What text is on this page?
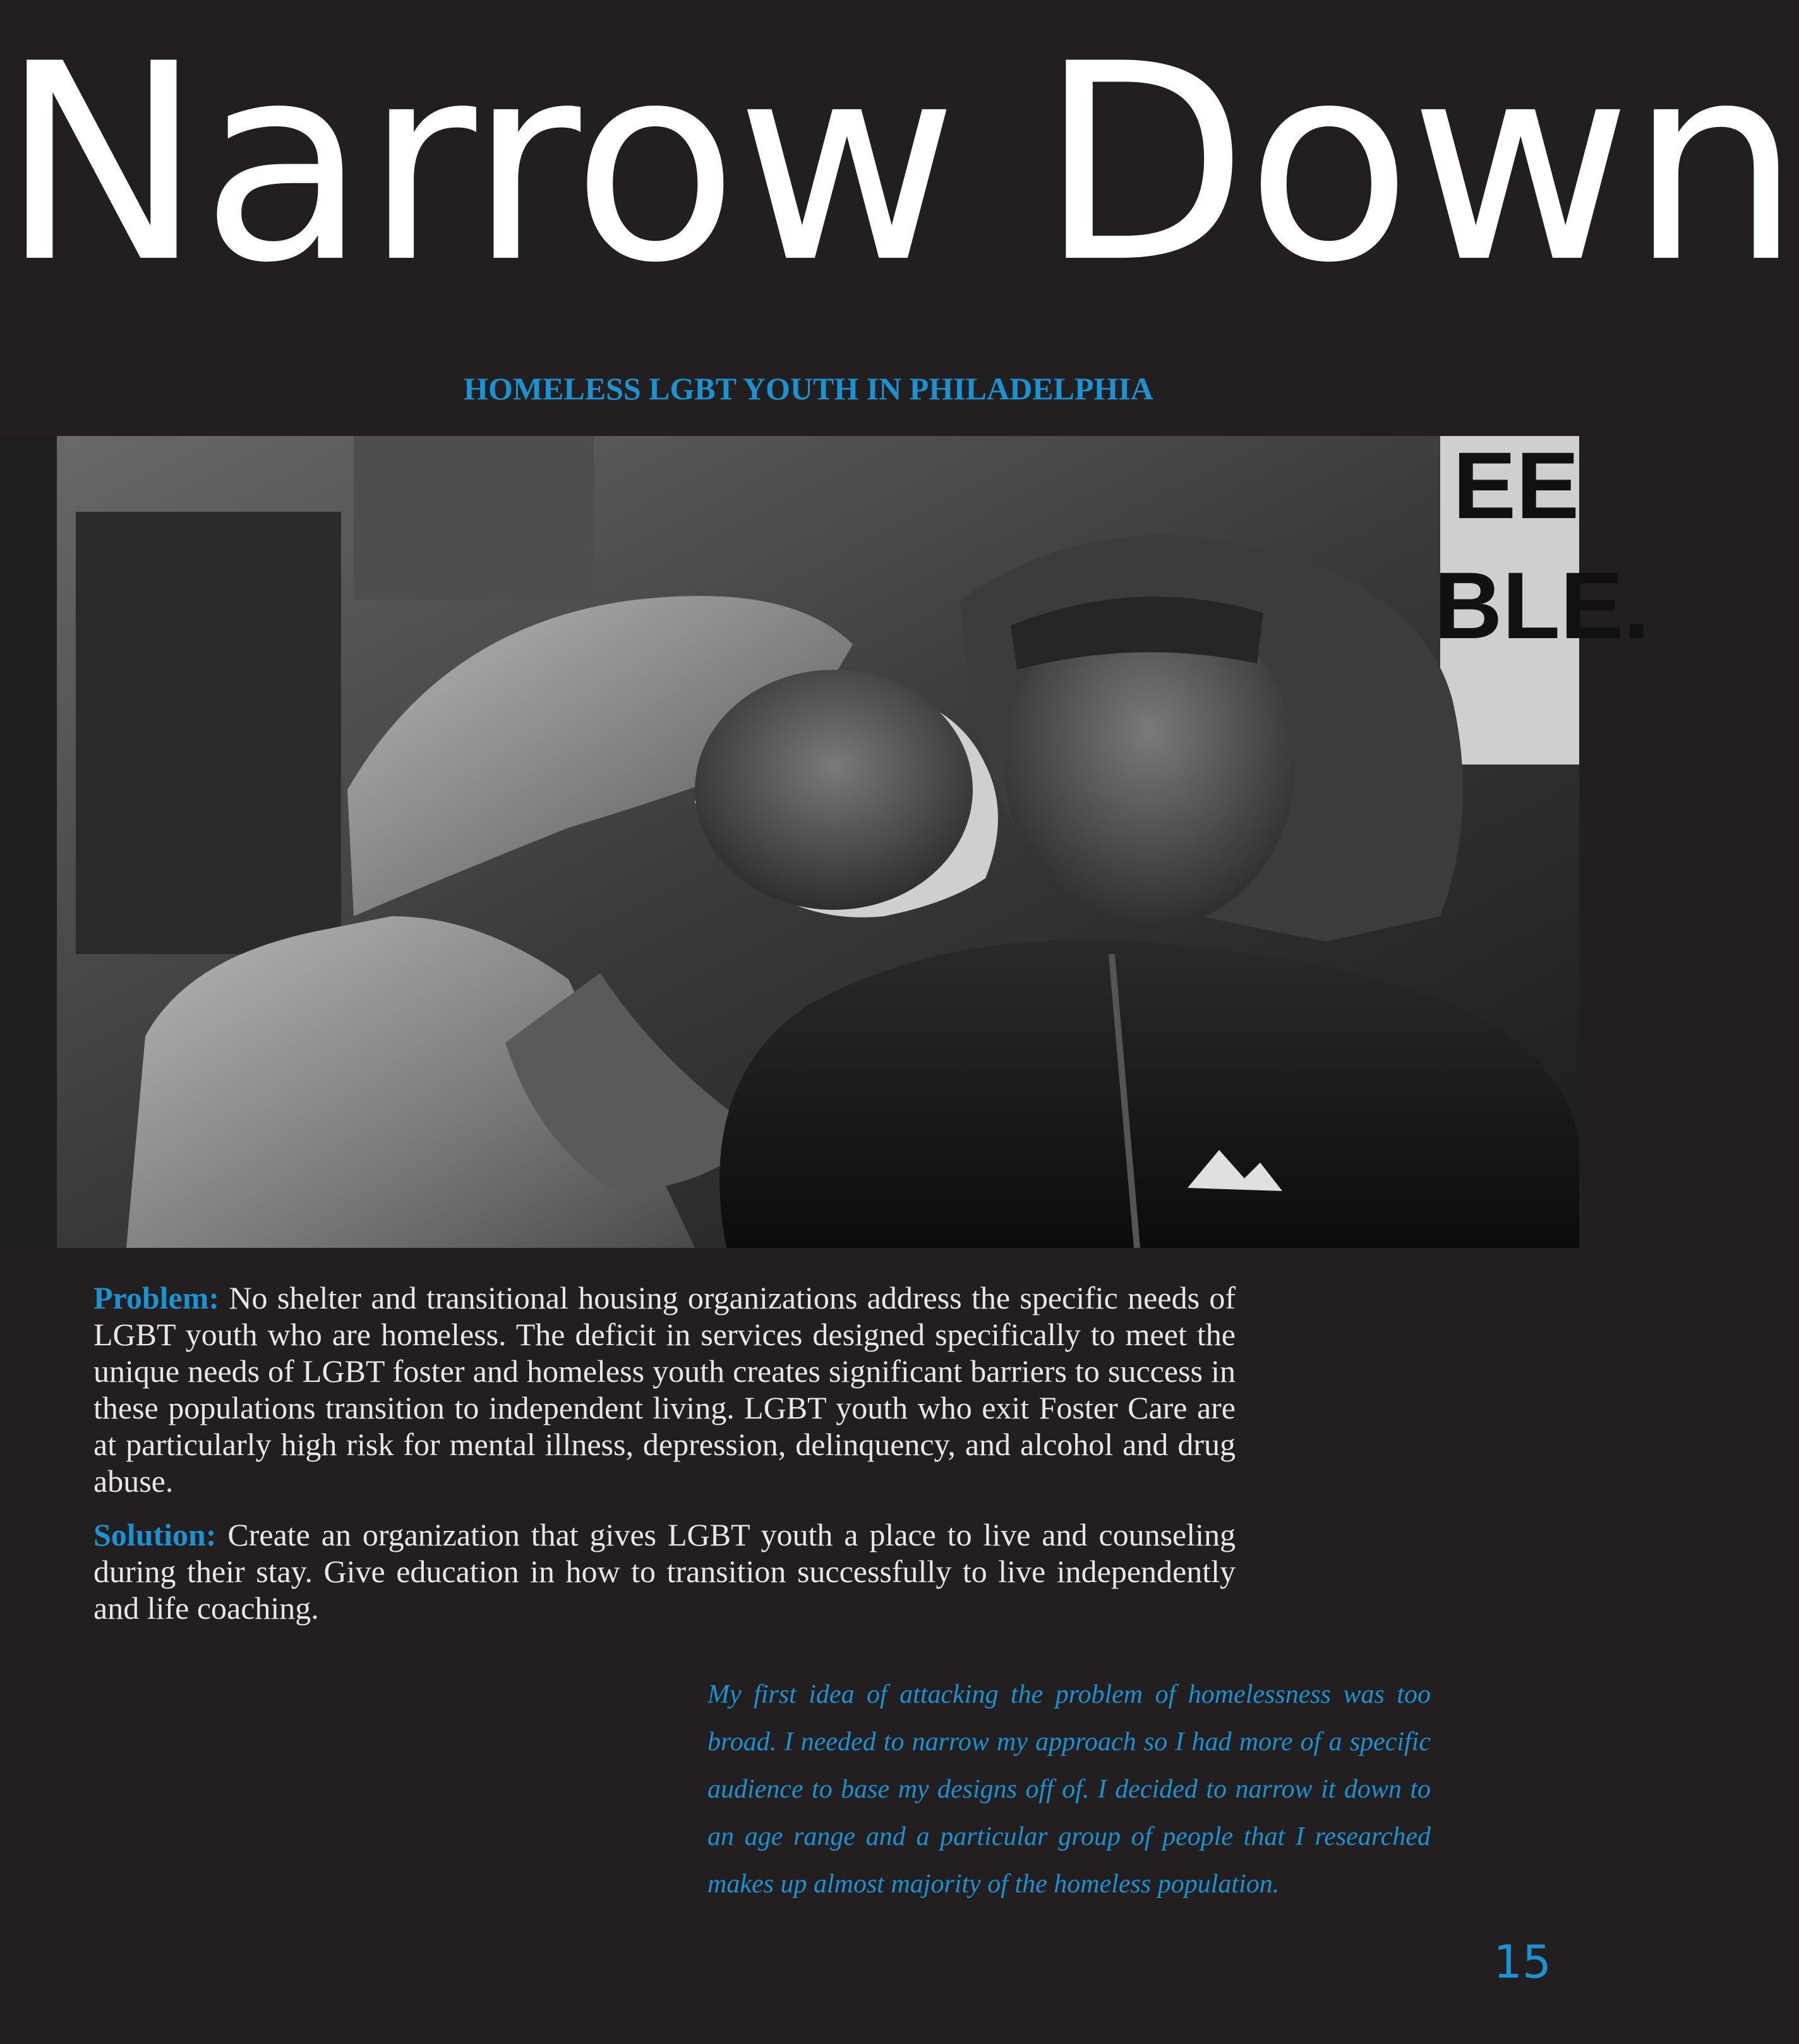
Narrow Down
HOMELESS LGBT YOUTH IN PHILADELPHIA
EE
BLE.

Problem: No shelter and transitional housing organizations address the specific needs of LGBT youth who are homeless. The deficit in services designed specifically to meet the unique needs of LGBT foster and homeless youth creates significant barriers to success in these populations transition to independent living. LGBT youth who exit Foster Care are at particularly high risk for mental illness, depression, delinquency, and alcohol and drug abuse.

Solution: Create an organization that gives LGBT youth a place to live and counseling during their stay. Give education in how to transition successfully to live independently and life coaching.

My first idea of attacking the problem of homelessness was too broad. I needed to narrow my approach so I had more of a specific audience to base my designs off of. I decided to narrow it down to an age range and a particular group of people that I researched makes up almost majority of the homeless population.

15
